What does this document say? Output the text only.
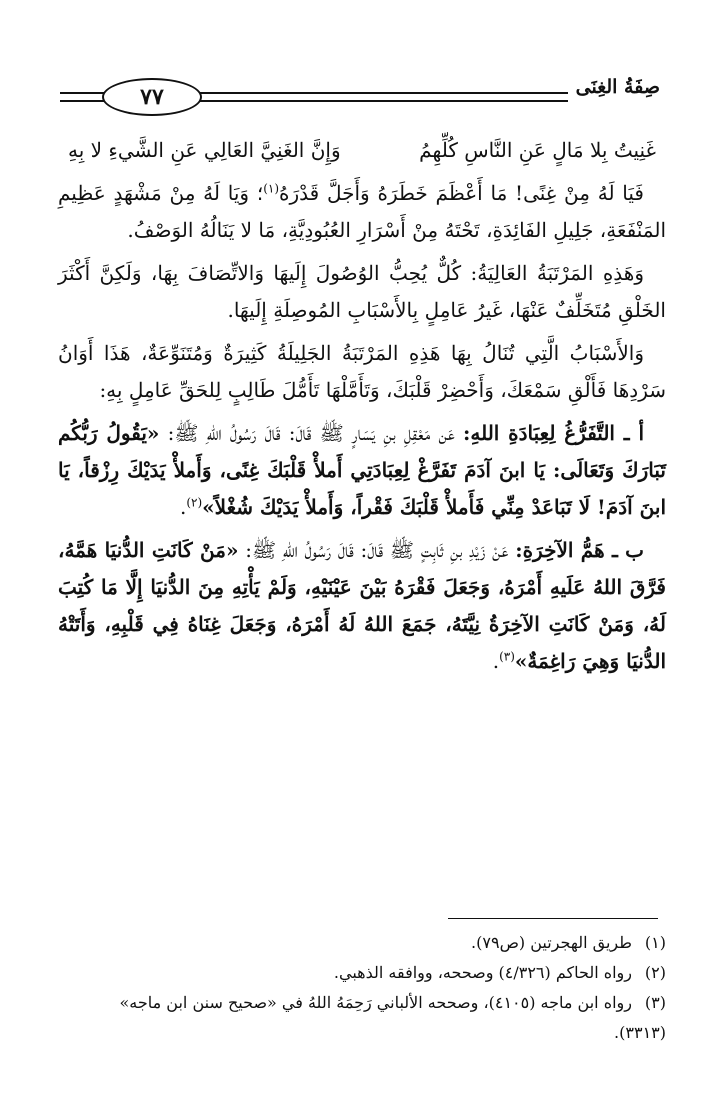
٧٧	صِفَةُ الغِنَى
غَنِيتُ بِلا مَالٍ عَنِ النَّاسِ كُلِّهِمُ
وَإِنَّ الغَنِيَّ العَالِي عَنِ الشَّيءِ لا بِهِ

فَيَا لَهُ مِنْ غِنًى! مَا أَعْظَمَ خَطَرَهُ وَأَجَلَّ قَدْرَهُ$^{(١)}$؛ وَيَا لَهُ مِنْ مَشْهَدٍ عَظِيمِ المَنْفَعَةِ، جَلِيلِ الفَائِدَةِ، تَحْتَهُ مِنْ أَسْرَارِ العُبُودِيَّةِ، مَا لا يَنَالُهُ الوَصْفُ.

وَهَذِهِ المَرْتَبَةُ العَالِيَةُ: كُلٌّ يُحِبُّ الوُصُولَ إِلَيهَا وَالاتِّصَافَ بِهَا، وَلَكِنَّ أَكْثَرَ الخَلْقِ مُتَخَلِّفٌ عَنْهَا، غَيرُ عَامِلٍ بِالأَسْبَابِ المُوصِلَةِ إِلَيهَا.

وَالأَسْبَابُ الَّتِي تُنَالُ بِهَا هَذِهِ المَرْتَبَةُ الجَلِيلَةُ كَثِيرَةٌ وَمُتَنَوِّعَةٌ، هَذَا أَوَانُ سَرْدِهَا فَأَلْقِ سَمْعَكَ، وَأَحْضِرْ قَلْبَكَ، وَتَأَمَّلْهَا تَأَمُّلَ طَالِبٍ لِلحَقِّ عَامِلٍ بِهِ:

أ ـ التَّفَرُّغُ لِعِبَادَةِ اللهِ: عَن مَعْقِلِ بنِ يَسَارٍ ﷺ قَالَ: قَالَ رَسُولُ اللهِ ﷺ: «يَقُولُ رَبُّكُم تَبَارَكَ وَتَعَالَى: يَا ابنَ آدَمَ تَفَرَّغْ لِعِبَادَتِي أَملأْ قَلْبَكَ غِنًى، وَأَملأْ يَدَيْكَ رِزْقاً، يَا ابنَ آدَمَ! لَا تَبَاعَدْ مِنِّي فَأَملأْ قَلْبَكَ فَقْراً، وَأَملأْ يَدَيْكَ شُغْلاً»$^{(٢)}$.

ب ـ هَمُّ الآخِرَةِ: عَنْ زَيْدِ بنِ ثَابِتٍ ﷺ قَالَ: قَالَ رَسُولُ اللهِ ﷺ: «مَنْ كَانَتِ الدُّنيَا هَمَّهُ، فَرَّقَ اللهُ عَلَيهِ أَمْرَهُ، وَجَعَلَ فَقْرَهُ بَيْنَ عَيْنَيْهِ، وَلَمْ يَأْتِهِ مِنَ الدُّنيَا إِلَّا مَا كُتِبَ لَهُ، وَمَنْ كَانَتِ الآخِرَةُ نِيَّتَهُ، جَمَعَ اللهُ لَهُ أَمْرَهُ، وَجَعَلَ غِنَاهُ فِي قَلْبِهِ، وَأَتَتْهُ الدُّنيَا وَهِيَ رَاغِمَةٌ»$^{(٣)}$.

(١)طريق الهجرتين (ص٧٩).

(٢)رواه الحاكم (٤/٣٢٦) وصححه، ووافقه الذهبي.

(٣)رواه ابن ماجه (٤١٠٥)، وصححه الألباني رَحِمَهُ اللهُ في «صحيح سنن ابن ماجه»

(٣٣١٣).
